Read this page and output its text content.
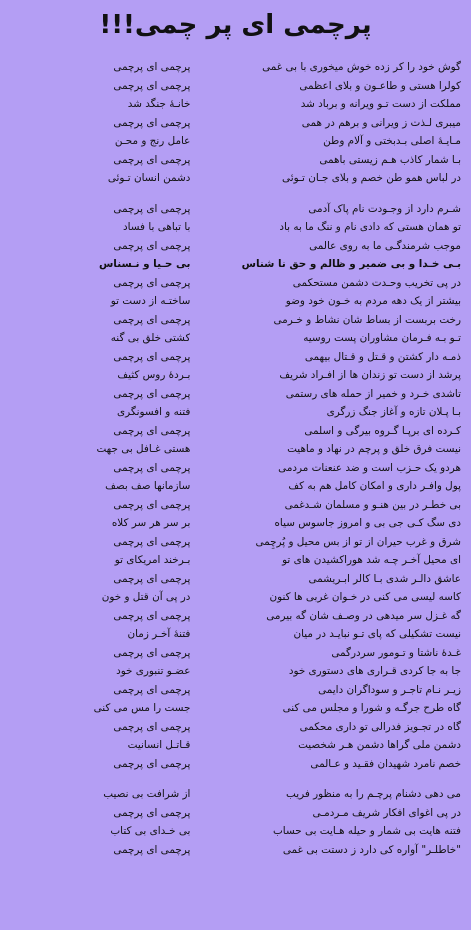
پرچمی ای پر چمی!!!
گوش خود را کر زده خوش میخوری با بی غمی
پرچمی ای پرچمی
کولرا هستی و طاعـون و بلای اعظمی
پرچمی ای پرچمی
مملکت از دست تـو ویرانه و برباد شد
خانـهٔ جنگد شد
میبری لـذت ز ویرانی و برهم در همی
پرچمی ای پرچمی
مـایـهٔ اصلی بـدبختی و آلام وطن
عامل رنج و محـن
بـا شمار کاذب هـم زیستی باهمی
پرچمی ای پرچمی
در لباس همو طن خصم و بلای جـان تـوئی
دشمن انسان تـوئی
شـرم دارد از وجـودت نام پاک آدمی
پرچمی ای پرچمی
تو همان هستی که دادی نام و ننگ ما به باد
با تباهی با فساد
موجب شرمندگـی ما به روی عالمی
پرچمی ای پرچمی
بـی خـدا و بی ضمیر و ظالم و حق نا شناس
بی حـیا و نـسناس
در پی تخریب وحـدت دشمن مستحکمی
پرچمی ای پرچمی
بیشتر از یک دهه مردم به خـون خود وضو
ساختـه از دست تو
رخت بربست از بساط شان نشاط و خـرمی
پرچمی ای پرچمی
تـو بـه فـرمان مشاوران پست روسیه
کشتی خلق بی گنه
ذمـه دار کشتن و قـتل و قـتال بیهمی
پرچمی ای پرچمی
پرشد از دست تو زندان ها از افـراد شریف
بـردهٔ روس کثیف
تاشدی خـرد و خمیر از حمله های رستمی
پرچمی ای پرچمی
بـا پـلان تازه و آغاز جنگ زرگری
فتنه و افسونگری
کـرده ای برپـا گـروه بیرگی و اسلمی
پرچمی ای پرچمی
نیست فرق خلق و پرچم در نهاد و ماهیت
هستی غـافل بی جهت
هردو یک حـزب است و ضد عنعنات مردمی
پرچمی ای پرچمی
پول وافـر داری و امکان کامل هم به کف
سازمانها صف بصف
بی خطـر در بین هنـو و مسلمان شـدغمی
پرچمی ای پرچمی
دی سگ کـی جی بی و امروز جاسوس سیاه
بر سر هر سر کلاه
شرق و غرب حیران از تو از بس محیل و پُرچِمی
پرچمی ای پرچمی
ای محیل آخـر چـه شد هوراکشیدن های تو
بـرخند امریکای تو
عاشق دالـر شدی بـا کالر ابـریشمی
پرچمی ای پرچمی
کاسه لیسی می کنی در خـوان غربی ها کنون
در پی آن قتل و خون
گه غـزل سر میدهی در وصـف شان گه بیرمی
پرچمی ای پرچمی
نیست تشکیلی که پای تـو نبایـد در میان
فتنهٔ آخـر زمان
غـدهٔ ناشتا و تـومور سردرگمی
پرچمی ای پرچمی
جا به جا کردی قـراری های دستوری خود
عضـو تنبوری خود
زیـر نـام تاجـر و سوداگران دایمی
پرچمی ای پرچمی
گاه طرح جرگـه و شورا و مجلس می کنی
جست را مس می کنی
گاه در تجـویز فدرالی تو داری محکمی
پرچمی ای پرچمی
دشمن ملی گراها دشمن هـر شخصیت
قـاتـل انسانیت
خصم نامرد شهیدان فقـید و عـالمی
پرچمی ای پرچمی
می دهی دشنام پرچـم را به منظور فریب
از شرافت بی نصیب
در پی اغوای افکار شریف مـردمـی
پرچمی ای پرچمی
فتنه هایت بی شمار و حیله هـایت بی حساب
بی خـدای بی کتاب
"خاطلـر" آواره کی دارد ز دستت بی غمی
پرچمی ای پرچمی
